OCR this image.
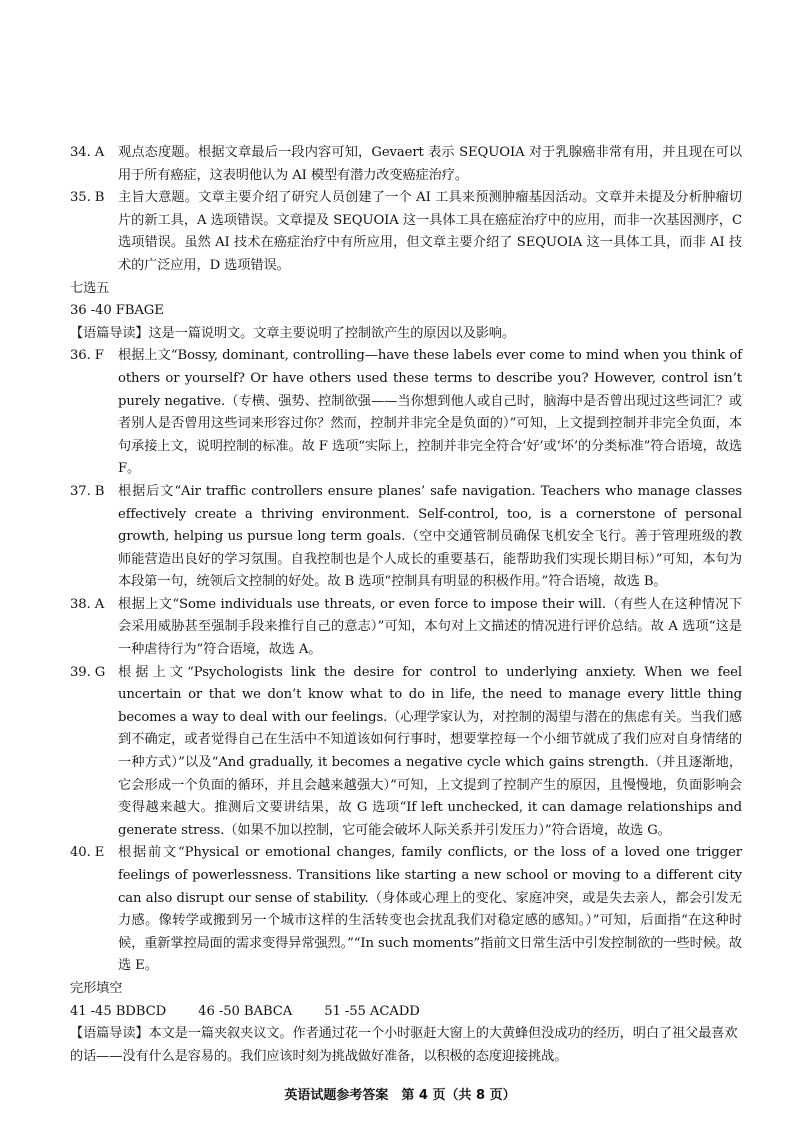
34. A	观点态度题。根据文章最后一段内容可知，Gevaert 表示 SEQUOIA 对于乳腺癌非常有用，并且现在可以用于所有癌症，这表明他认为 AI 模型有潜力改变癌症治疗。
35. B	主旨大意题。文章主要介绍了研究人员创建了一个 AI 工具来预测肿瘤基因活动。文章并未提及分析肿瘤切片的新工具，A 选项错误。文章提及 SEQUOIA 这一具体工具在癌症治疗中的应用，而非一次基因测序，C 选项错误。虽然 AI 技术在癌症治疗中有所应用，但文章主要介绍了 SEQUOIA 这一具体工具，而非 AI 技术的广泛应用，D 选项错误。
七选五
36 -40 FBAGE
【语篇导读】这是一篇说明文。文章主要说明了控制欲产生的原因以及影响。
36. F	根据上文“Bossy, dominant, controlling—have these labels ever come to mind when you think of others or yourself? Or have others used these terms to describe you? However, control isn’t purely negative.（专横、强势、控制欲强——当你想到他人或自己时，脑海中是否曾出现过这些词汇？或者别人是否曾用这些词来形容过你？然而，控制并非完全是负面的）”可知，上文提到控制并非完全负面，本句承接上文，说明控制的标准。故 F 选项“实际上，控制并非完全符合‘好’或‘坏’的分类标准”符合语境，故选 F。
37. B	根据后文“Air traffic controllers ensure planes’ safe navigation. Teachers who manage classes effectively create a thriving environment. Self-control, too, is a cornerstone of personal growth, helping us pursue long term goals.（空中交通管制员确保飞机安全飞行。善于管理班级的教师能营造出良好的学习氛围。自我控制也是个人成长的重要基石，能帮助我们实现长期目标）”可知，本句为本段第一句，统领后文控制的好处。故 B 选项“控制具有明显的积极作用。”符合语境，故选 B。
38. A	根据上文“Some individuals use threats, or even force to impose their will.（有些人在这种情况下会采用威胁甚至强制手段来推行自己的意志）”可知，本句对上文描述的情况进行评价总结。故 A 选项“这是一种虐待行为”符合语境，故选 A。
39. G 根据上文“Psychologists link the desire for control to underlying anxiety. When we feel uncertain or that we don’t know what to do in life, the need to manage every little thing becomes a way to deal with our feelings.（心理学家认为，对控制的渴望与潜在的焦虑有关。当我们感到不确定，或者觉得自己在生活中不知道该如何行事时，想要掌控每一个小细节就成了我们应对自身情绪的一种方式）”以及“And gradually, it becomes a negative cycle which gains strength.（并且逐渐地，它会形成一个负面的循环，并且会越来越强大）”可知，上文提到了控制产生的原因，且慢慢地，负面影响会变得越来越大。推测后文要讲结果，故 G 选项“If left unchecked, it can damage relationships and generate stress.（如果不加以控制，它可能会破坏人际关系并引发压力）”符合语境，故选 G。
40. E	根据前文“Physical or emotional changes, family conflicts, or the loss of a loved one trigger feelings of powerlessness. Transitions like starting a new school or moving to a different city can also disrupt our sense of stability.（身体或心理上的变化、家庭冲突，或是失去亲人，都会引发无力感。像转学或搬到另一个城市这样的生活转变也会扰乱我们对稳定感的感知。）”可知，后面指“在这种时候，重新掌控局面的需求变得异常强烈。”“In such moments”指前文日常生活中引发控制欲的一些时候。故选 E。
完形填空
41 -45 BDBCD 46 -50 BABCA 51 -55 ACADD
【语篇导读】本文是一篇夹叙夹议文。作者通过花一个小时驱赶大窗上的大黄蜂但没成功的经历，明白了祖父最喜欢的话——没有什么是容易的。我们应该时刻为挑战做好准备，以积极的态度迎接挑战。
英语试题参考答案　第 4 页（共 8 页）
